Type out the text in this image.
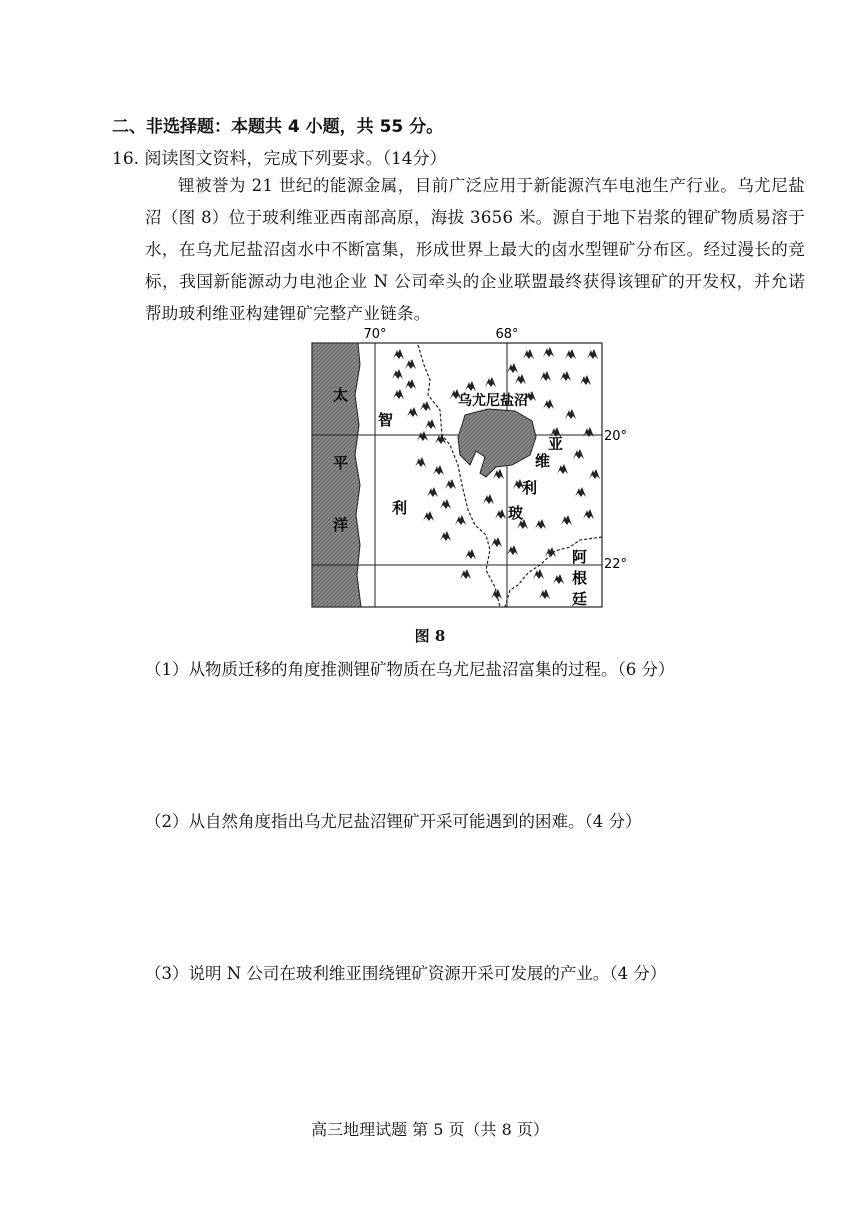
二、非选择题：本题共 4 小题，共 55 分。
16. 阅读图文资料，完成下列要求。（14分）
锂被誉为 21 世纪的能源金属，目前广泛应用于新能源汽车电池生产行业。乌尤尼盐沼（图 8）位于玻利维亚西南部高原，海拔 3656 米。源自于地下岩浆的锂矿物质易溶于水，在乌尤尼盐沼卤水中不断富集，形成世界上最大的卤水型锂矿分布区。经过漫长的竞标，我国新能源动力电池企业 N 公司牵头的企业联盟最终获得该锂矿的开发权，并允诺帮助玻利维亚构建锂矿完整产业链条。
70°	68°
20°
22°
太
平
洋
智
利
乌尤尼盐沼
亚
维
利
玻
阿
根
廷
图 8
（1）从物质迁移的角度推测锂矿物质在乌尤尼盐沼富集的过程。（6 分）
（2）从自然角度指出乌尤尼盐沼锂矿开采可能遇到的困难。（4 分）
（3）说明 N 公司在玻利维亚围绕锂矿资源开采可发展的产业。（4 分）
高三地理试题 第 5 页（共 8 页）
